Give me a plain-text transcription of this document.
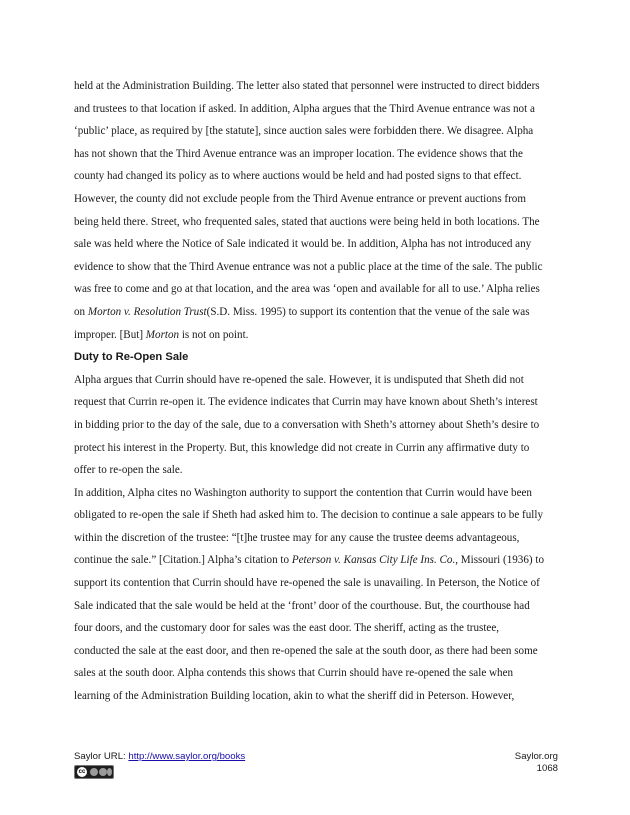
held at the Administration Building. The letter also stated that personnel were instructed to direct bidders

and trustees to that location if asked. In addition, Alpha argues that the Third Avenue entrance was not a

‘public’ place, as required by [the statute], since auction sales were forbidden there. We disagree. Alpha

has not shown that the Third Avenue entrance was an improper location. The evidence shows that the

county had changed its policy as to where auctions would be held and had posted signs to that effect.

However, the county did not exclude people from the Third Avenue entrance or prevent auctions from

being held there. Street, who frequented sales, stated that auctions were being held in both locations. The

sale was held where the Notice of Sale indicated it would be. In addition, Alpha has not introduced any

evidence to show that the Third Avenue entrance was not a public place at the time of the sale. The public

was free to come and go at that location, and the area was ‘open and available for all to use.’ Alpha relies

on Morton v. Resolution Trust(S.D. Miss. 1995) to support its contention that the venue of the sale was

improper. [But] Morton is not on point.

Duty to Re-Open Sale

Alpha argues that Currin should have re-opened the sale. However, it is undisputed that Sheth did not

request that Currin re-open it. The evidence indicates that Currin may have known about Sheth’s interest

in bidding prior to the day of the sale, due to a conversation with Sheth’s attorney about Sheth’s desire to

protect his interest in the Property. But, this knowledge did not create in Currin any affirmative duty to

offer to re-open the sale.

In addition, Alpha cites no Washington authority to support the contention that Currin would have been

obligated to re-open the sale if Sheth had asked him to. The decision to continue a sale appears to be fully

within the discretion of the trustee: “[t]he trustee may for any cause the trustee deems advantageous,

continue the sale.” [Citation.] Alpha’s citation to Peterson v. Kansas City Life Ins. Co., Missouri (1936) to

support its contention that Currin should have re-opened the sale is unavailing. In Peterson, the Notice of

Sale indicated that the sale would be held at the ‘front’ door of the courthouse. But, the courthouse had

four doors, and the customary door for sales was the east door. The sheriff, acting as the trustee,

conducted the sale at the east door, and then re-opened the sale at the south door, as there had been some

sales at the south door. Alpha contends this shows that Currin should have re-opened the sale when

learning of the Administration Building location, akin to what the sheriff did in Peterson. However,

Saylor URL: http://www.saylor.org/books
cc
Saylor.org
1068
